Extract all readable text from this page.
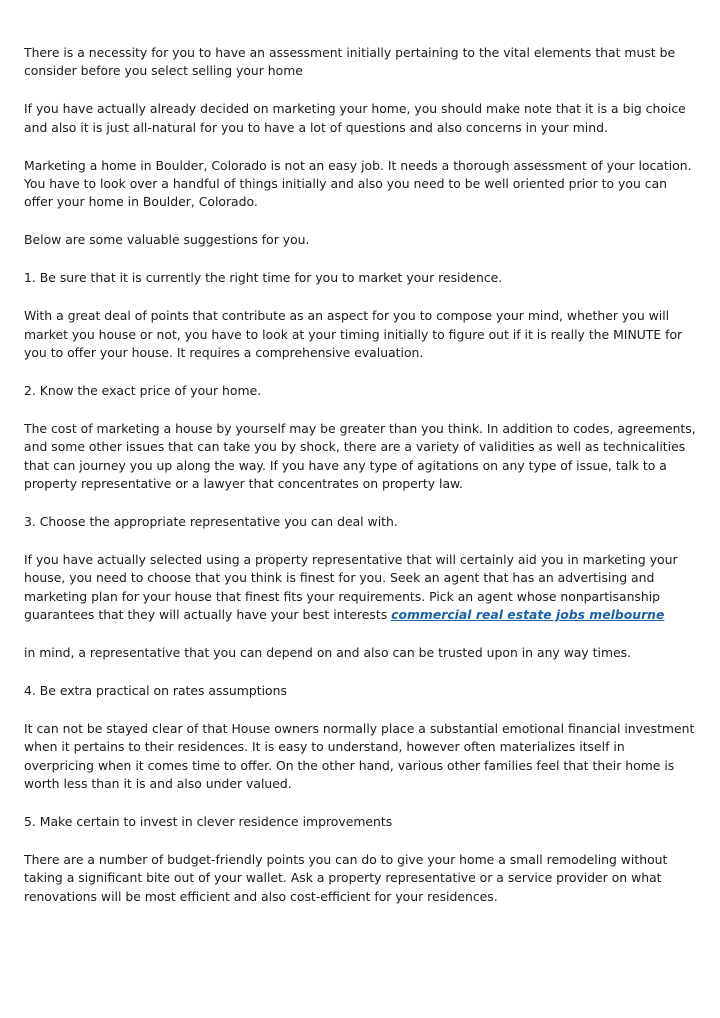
There is a necessity for you to have an assessment initially pertaining to the vital elements that must be consider before you select selling your home

If you have actually already decided on marketing your home, you should make note that it is a big choice and also it is just all-natural for you to have a lot of questions and also concerns in your mind.

Marketing a home in Boulder, Colorado is not an easy job. It needs a thorough assessment of your location. You have to look over a handful of things initially and also you need to be well oriented prior to you can offer your home in Boulder, Colorado.

Below are some valuable suggestions for you.

1. Be sure that it is currently the right time for you to market your residence.

With a great deal of points that contribute as an aspect for you to compose your mind, whether you will market you house or not, you have to look at your timing initially to figure out if it is really the MINUTE for you to offer your house. It requires a comprehensive evaluation.

2. Know the exact price of your home.

The cost of marketing a house by yourself may be greater than you think. In addition to codes, agreements, and some other issues that can take you by shock, there are a variety of validities as well as technicalities that can journey you up along the way. If you have any type of agitations on any type of issue, talk to a property representative or a lawyer that concentrates on property law.

3. Choose the appropriate representative you can deal with.

If you have actually selected using a property representative that will certainly aid you in marketing your house, you need to choose that you think is finest for you. Seek an agent that has an advertising and marketing plan for your house that finest fits your requirements. Pick an agent whose nonpartisanship guarantees that they will actually have your best interests commercial real estate jobs melbourne

in mind, a representative that you can depend on and also can be trusted upon in any way times.

4. Be extra practical on rates assumptions

It can not be stayed clear of that House owners normally place a substantial emotional financial investment when it pertains to their residences. It is easy to understand, however often materializes itself in overpricing when it comes time to offer. On the other hand, various other families feel that their home is worth less than it is and also under valued.

5. Make certain to invest in clever residence improvements

There are a number of budget-friendly points you can do to give your home a small remodeling without taking a significant bite out of your wallet. Ask a property representative or a service provider on what renovations will be most efficient and also cost-efficient for your residences.
